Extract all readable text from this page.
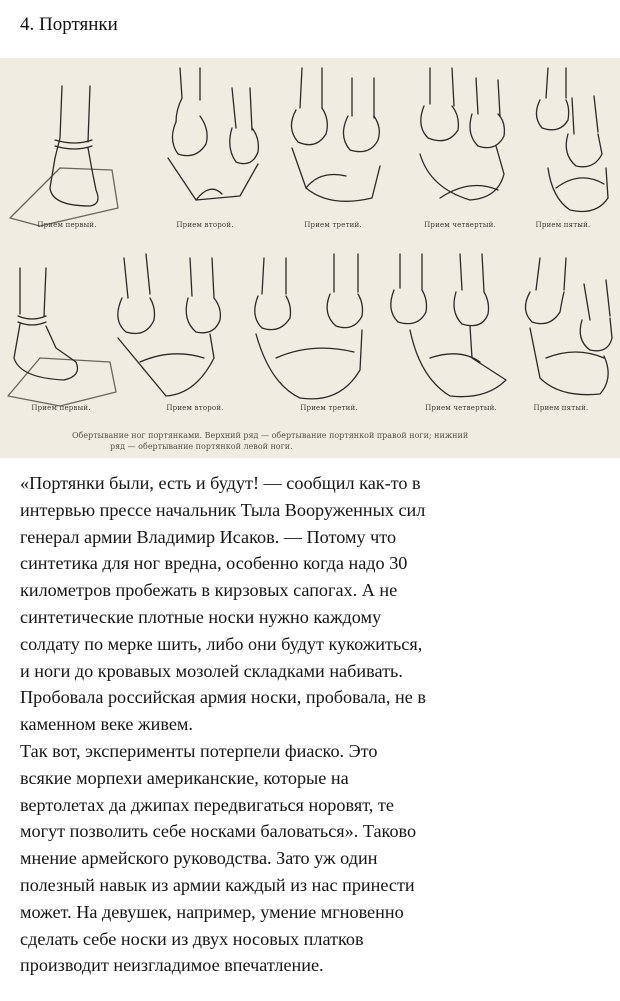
4. Портянки
Прием первый.	Прием второй.	Прием третий.	Прием четвертый.	Прием пятый.
Прием первый.	Прием второй.	Прием третий.	Прием четвертый.	Прием пятый.
Обертывание ног портянками. Верхний ряд — обертывание портянкой правой ноги; нижний
ряд — обертывание портянкой левой ноги.
«Портянки были, есть и будут! — сообщил как-то в
интервью прессе начальник Тыла Вооруженных сил
генерал армии Владимир Исаков. — Потому что
синтетика для ног вредна, особенно когда надо 30
километров пробежать в кирзовых сапогах. А не
синтетические плотные носки нужно каждому
солдату по мерке шить, либо они будут кукожиться,
и ноги до кровавых мозолей складками набивать.
Пробовала российская армия носки, пробовала, не в
каменном веке живем.
Так вот, эксперименты потерпели фиаско. Это
всякие морпехи американские, которые на
вертолетах да джипах передвигаться норовят, те
могут позволить себе носками баловаться». Таково
мнение армейского руководства. Зато уж один
полезный навык из армии каждый из нас принести
может. На девушек, например, умение мгновенно
сделать себе носки из двух носовых платков
производит неизгладимое впечатление.
